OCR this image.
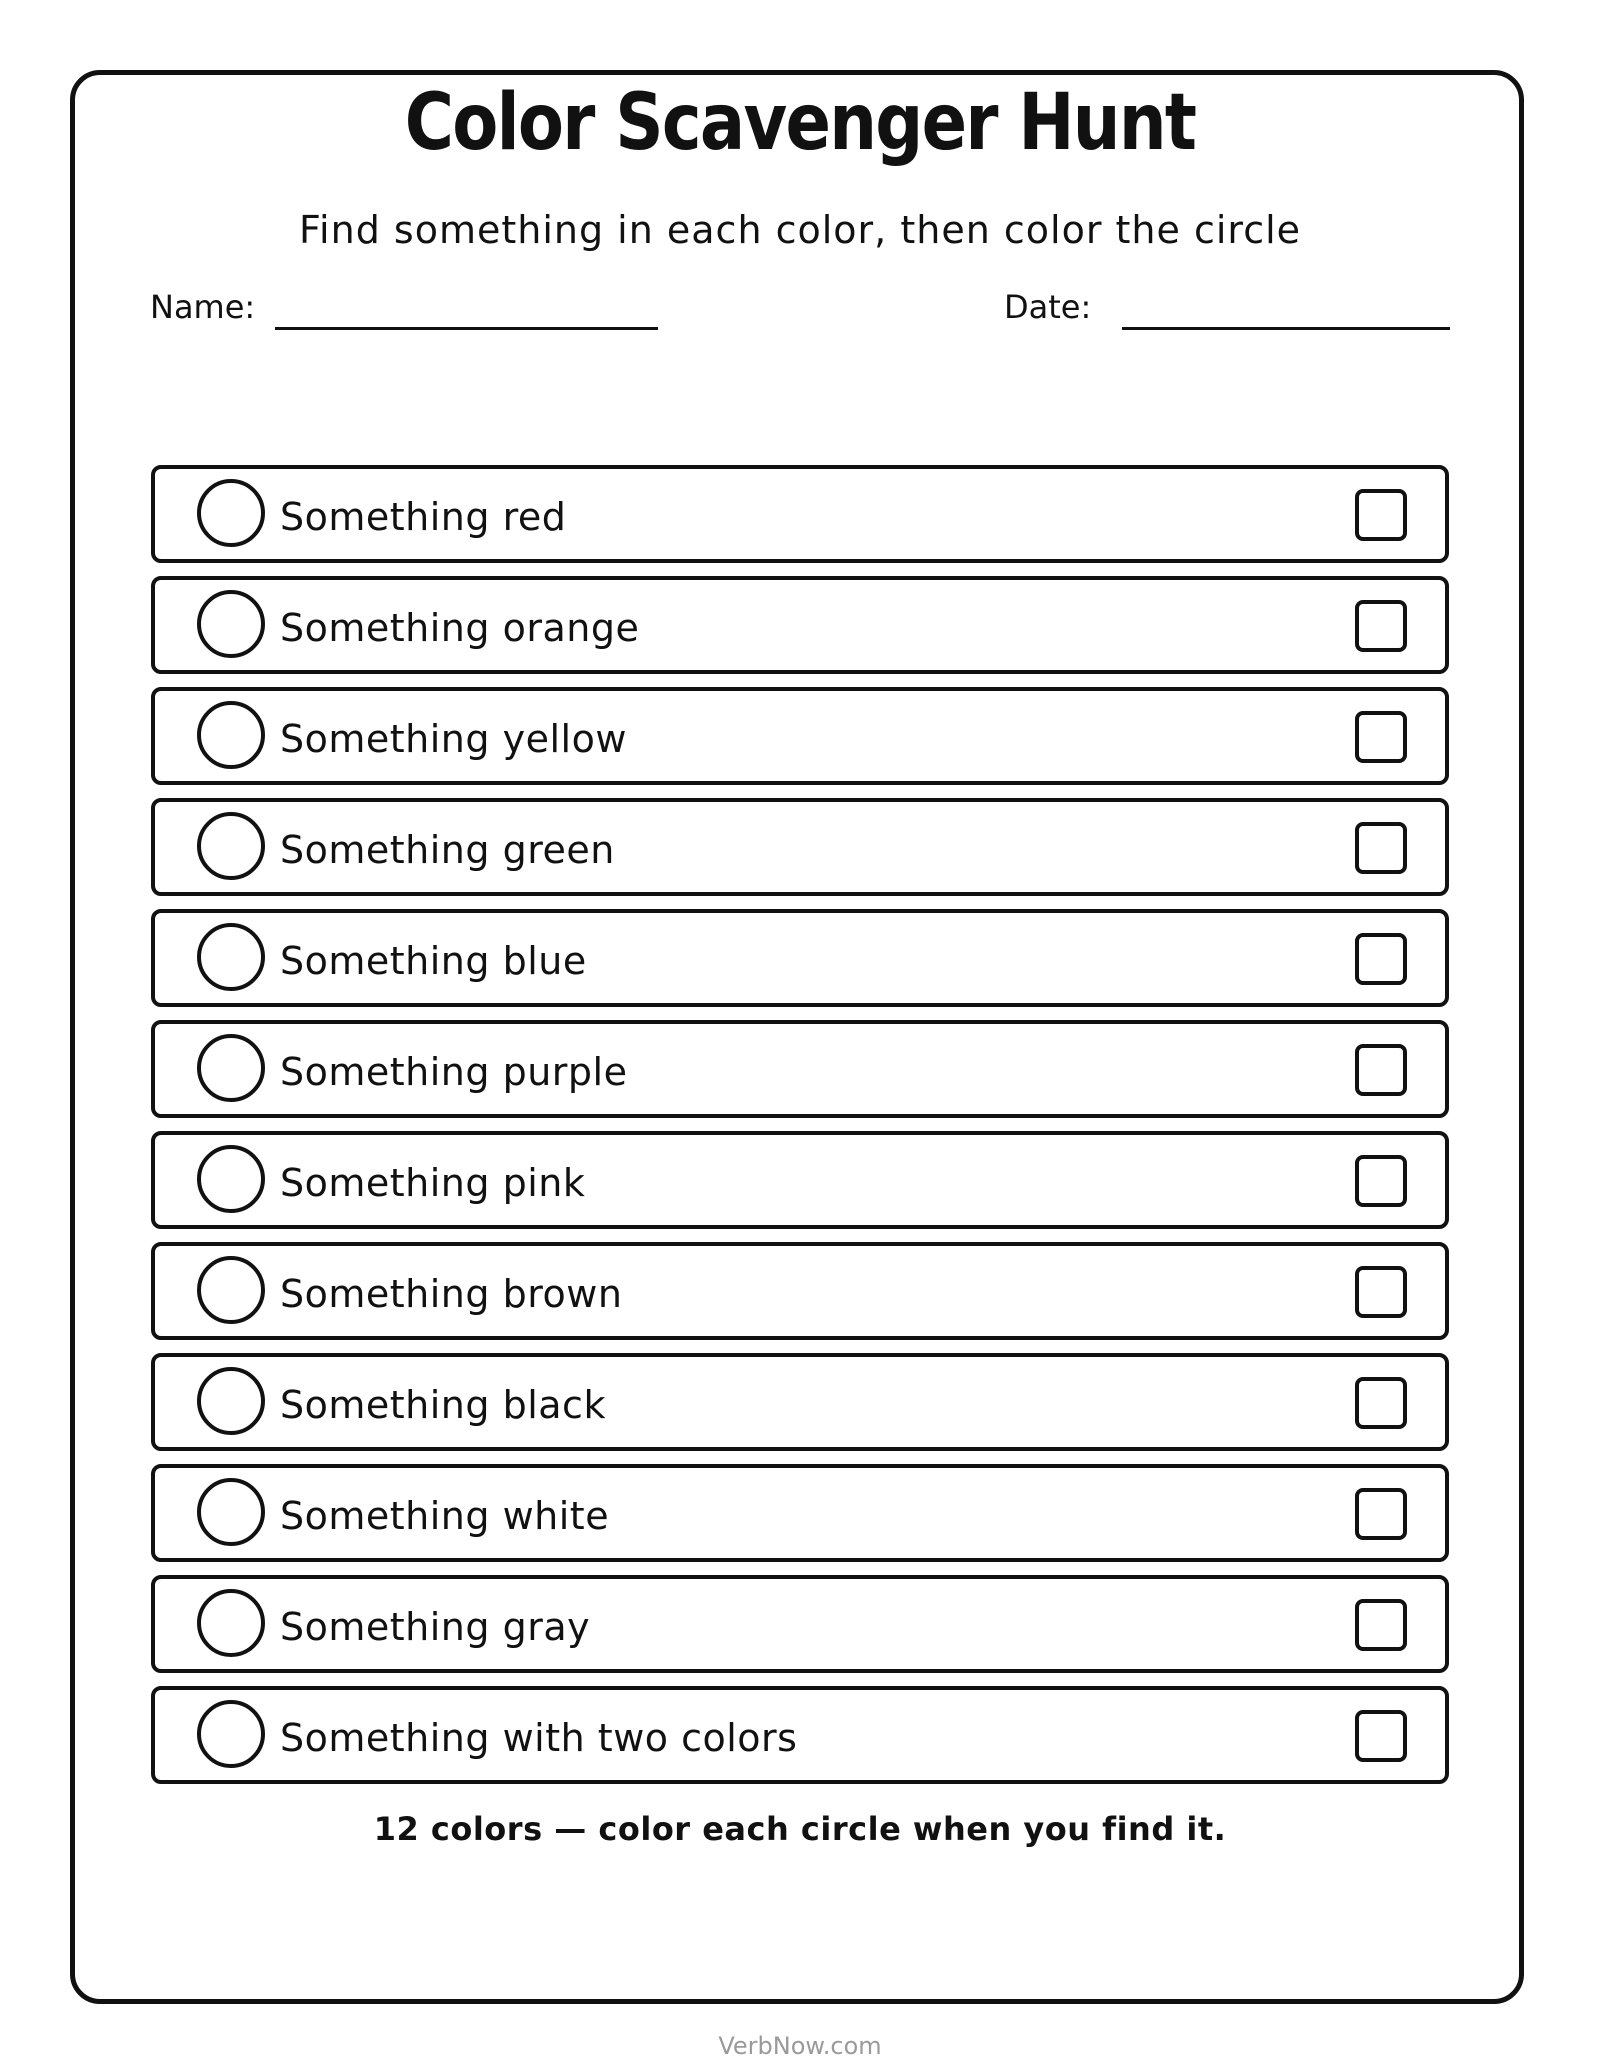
Color Scavenger Hunt
Find something in each color, then color the circle
Name:	Date:
Something red
Something orange
Something yellow
Something green
Something blue
Something purple
Something pink
Something brown
Something black
Something white
Something gray
Something with two colors
12 colors — color each circle when you find it.
VerbNow.com
